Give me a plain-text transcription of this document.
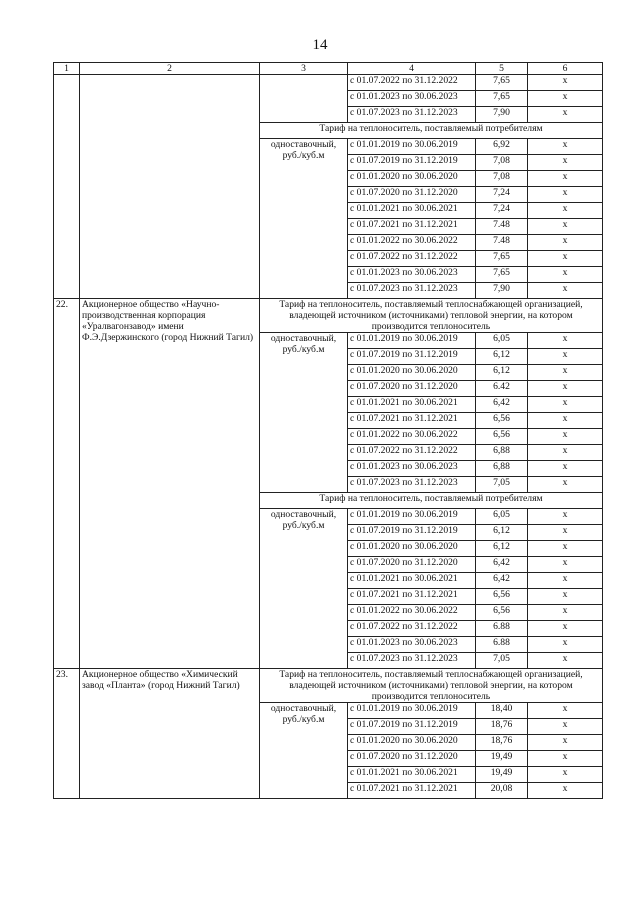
14
1	2	3	4	5	6
			с 01.07.2022 по 31.12.2022	7,65	х
			с 01.01.2023 по 30.06.2023	7,65	х
			с 01.07.2023 по 31.12.2023	7,90	х
		Тариф на теплоноситель, поставляемый потребителям			
		одноставочный, руб./куб.м	с 01.01.2019 по 30.06.2019	6,92	х
			с 01.07.2019 по 31.12.2019	7,08	х
			с 01.01.2020 по 30.06.2020	7,08	х
			с 01.07.2020 по 31.12.2020	7,24	х
			с 01.01.2021 по 30.06.2021	7,24	х
			с 01.07.2021 по 31.12.2021	7.48	х
			с 01.01.2022 по 30.06.2022	7.48	х
			с 01.07.2022 по 31.12.2022	7,65	х
			с 01.01.2023 по 30.06.2023	7,65	х
			с 01.07.2023 по 31.12.2023	7,90	х
22.	Акционерное общество «Научно-производственная корпорация «Уралвагонзавод» имени Ф.Э.Дзержинского (город Нижний Тагил)	Тариф на теплоноситель, поставляемый теплоснабжающей организацией, владеющей источником (источниками) тепловой энергии, на котором производится теплоноситель			
		одноставочный, руб./куб.м	с 01.01.2019 по 30.06.2019	6,05	х
			с 01.07.2019 по 31.12.2019	6,12	х
			с 01.01.2020 по 30.06.2020	6,12	х
			с 01.07.2020 по 31.12.2020	6.42	х
			с 01.01.2021 по 30.06.2021	6,42	х
			с 01.07.2021 по 31.12.2021	6,56	х
			с 01.01.2022 по 30.06.2022	6,56	х
			с 01.07.2022 по 31.12.2022	6,88	х
			с 01.01.2023 по 30.06.2023	6,88	х
			с 01.07.2023 по 31.12.2023	7,05	х
		Тариф на теплоноситель, поставляемый потребителям			
		одноставочный, руб./куб.м	с 01.01.2019 по 30.06.2019	6,05	х
			с 01.07.2019 по 31.12.2019	6,12	х
			с 01.01.2020 по 30.06.2020	6,12	х
			с 01.07.2020 по 31.12.2020	6,42	х
			с 01.01.2021 по 30.06.2021	6,42	х
			с 01.07.2021 по 31.12.2021	6,56	х
			с 01.01.2022 по 30.06.2022	6,56	х
			с 01.07.2022 по 31.12.2022	6.88	х
			с 01.01.2023 по 30.06.2023	6.88	х
			с 01.07.2023 по 31.12.2023	7,05	х
23.	Акционерное общество «Химический завод «Планта» (город Нижний Тагил)	Тариф на теплоноситель, поставляемый теплоснабжающей организацией, владеющей источником (источниками) тепловой энергии, на котором производится теплоноситель			
		одноставочный, руб./куб.м	с 01.01.2019 по 30.06.2019	18,40	х
			с 01.07.2019 по 31.12.2019	18,76	х
			с 01.01.2020 по 30.06.2020	18,76	х
			с 01.07.2020 по 31.12.2020	19,49	х
			с 01.01.2021 по 30.06.2021	19,49	х
			с 01.07.2021 по 31.12.2021	20,08	х
